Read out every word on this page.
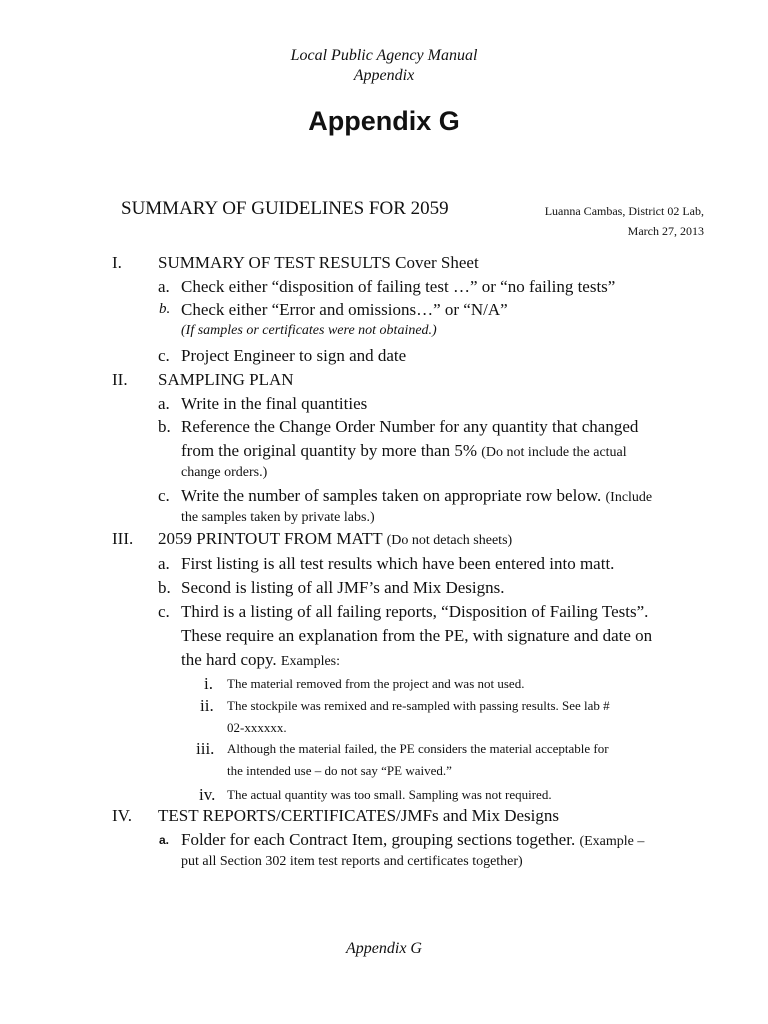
Local Public Agency Manual
Appendix
Appendix G
SUMMARY OF GUIDELINES FOR 2059	Luanna Cambas, District 02 Lab,
March 27, 2013
I. SUMMARY OF TEST RESULTS Cover Sheet
a. Check either “disposition of failing test …” or “no failing tests”
b. Check either “Error and omissions…” or “N/A”
(If samples or certificates were not obtained.)
c. Project Engineer to sign and date
II. SAMPLING PLAN
a. Write in the final quantities
b. Reference the Change Order Number for any quantity that changed
from the original quantity by more than 5% (Do not include the actual
change orders.)
c. Write the number of samples taken on appropriate row below. (Include
the samples taken by private labs.)
III. 2059 PRINTOUT FROM MATT (Do not detach sheets)
a. First listing is all test results which have been entered into matt.
b. Second is listing of all JMF’s and Mix Designs.
c. Third is a listing of all failing reports, “Disposition of Failing Tests”.
These require an explanation from the PE, with signature and date on
the hard copy. Examples:
i. The material removed from the project and was not used.
ii. The stockpile was remixed and re-sampled with passing results. See lab #
02-xxxxxx.
iii. Although the material failed, the PE considers the material acceptable for
the intended use – do not say “PE waived.”
iv. The actual quantity was too small. Sampling was not required.
IV. TEST REPORTS/CERTIFICATES/JMFs and Mix Designs
a. Folder for each Contract Item, grouping sections together. (Example –
put all Section 302 item test reports and certificates together)
Appendix G
